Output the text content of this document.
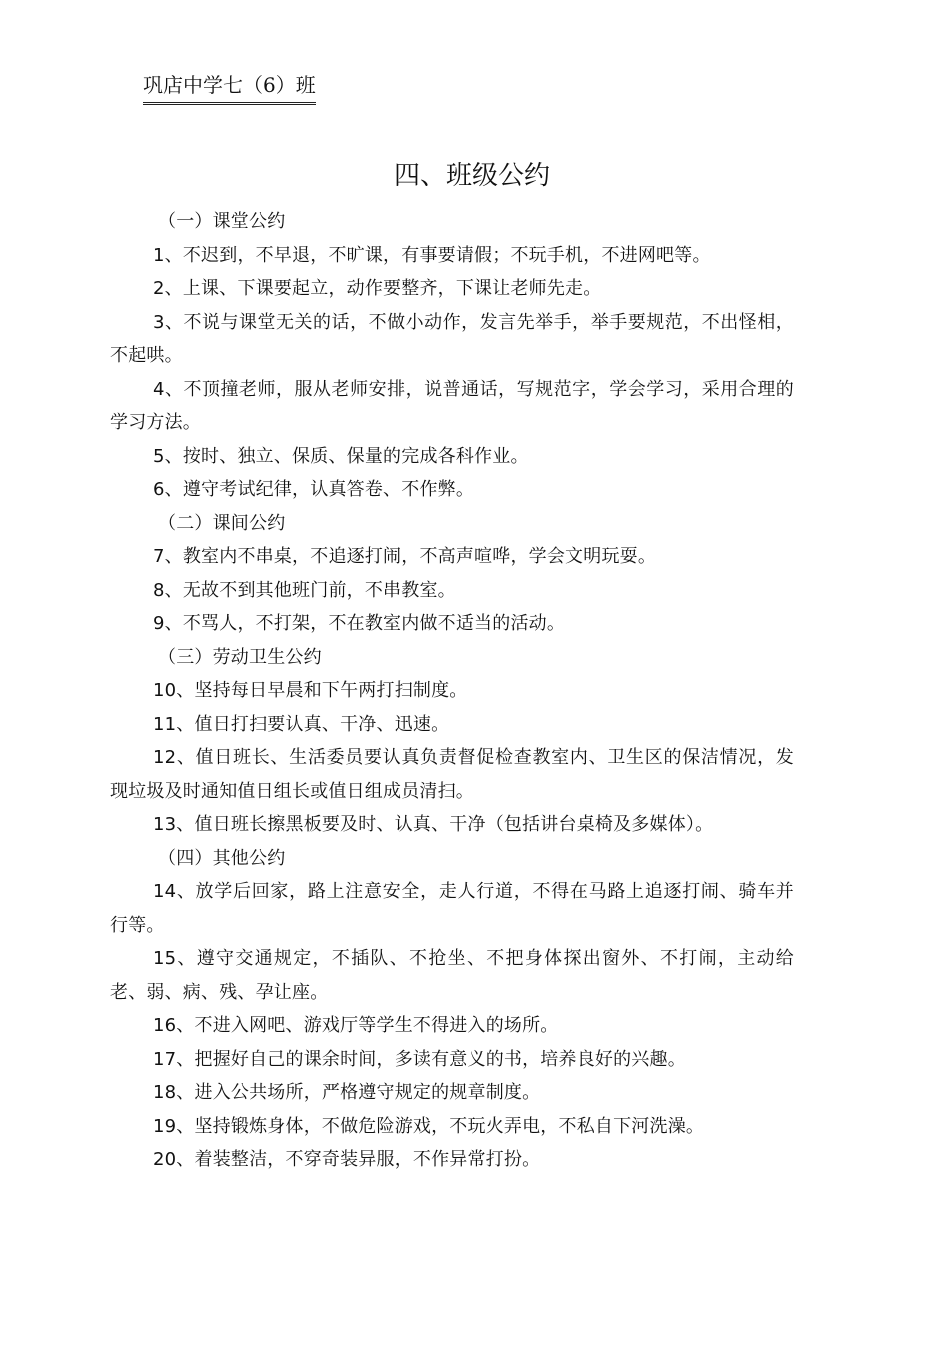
巩店中学七（6）班
四、班级公约

（一）课堂公约

1、不迟到，不早退，不旷课，有事要请假；不玩手机，不进网吧等。

2、上课、下课要起立，动作要整齐，下课让老师先走。

3、不说与课堂无关的话，不做小动作，发言先举手，举手要规范，不出怪相，不起哄。

4、不顶撞老师，服从老师安排，说普通话，写规范字，学会学习，采用合理的学习方法。

5、按时、独立、保质、保量的完成各科作业。

6、遵守考试纪律，认真答卷、不作弊。

（二）课间公约

7、教室内不串桌，不追逐打闹，不高声喧哗，学会文明玩耍。

8、无故不到其他班门前，不串教室。

9、不骂人，不打架，不在教室内做不适当的活动。

（三）劳动卫生公约

10、坚持每日早晨和下午两打扫制度。

11、值日打扫要认真、干净、迅速。

12、值日班长、生活委员要认真负责督促检查教室内、卫生区的保洁情况，发现垃圾及时通知值日组长或值日组成员清扫。

13、值日班长擦黑板要及时、认真、干净（包括讲台桌椅及多媒体）。

（四）其他公约

14、放学后回家，路上注意安全，走人行道，不得在马路上追逐打闹、骑车并行等。

15、遵守交通规定，不插队、不抢坐、不把身体探出窗外、不打闹，主动给老、弱、病、残、孕让座。

16、不进入网吧、游戏厅等学生不得进入的场所。

17、把握好自己的课余时间，多读有意义的书，培养良好的兴趣。

18、进入公共场所，严格遵守规定的规章制度。

19、坚持锻炼身体，不做危险游戏，不玩火弄电，不私自下河洗澡。

20、着装整洁，不穿奇装异服，不作异常打扮。
